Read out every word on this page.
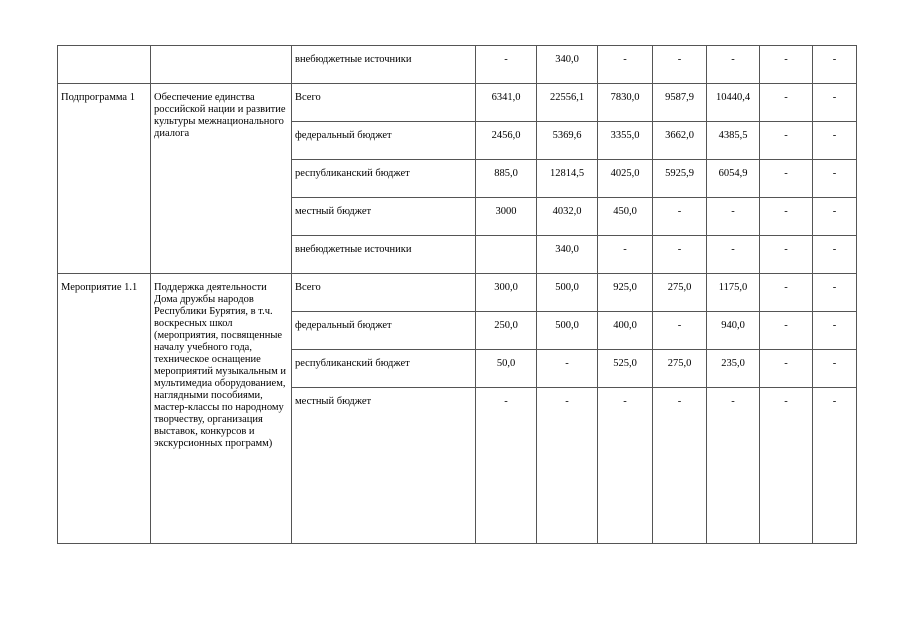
		внебюджетные источники	-	340,0	-	-	-	-	-
Подпрограмма 1	Обеспечение единства российской нации и развитие культуры межнационального диалога	Всего	6341,0	22556,1	7830,0	9587,9	10440,4	-	-
		федеральный бюджет	2456,0	5369,6	3355,0	3662,0	4385,5	-	-
		республиканский бюджет	885,0	12814,5	4025,0	5925,9	6054,9	-	-
		местный бюджет	3000	4032,0	450,0	-	-	-	-
		внебюджетные источники		340,0	-	-	-	-	-
Мероприятие 1.1	Поддержка деятельности Дома дружбы народов Республики Бурятия, в т.ч. воскресных школ (мероприятия, посвященные началу учебного года, техническое оснащение мероприятий музыкальным и мультимедиа оборудованием, наглядными пособиями, мастер-классы по народному творчеству, организация выставок, конкурсов и экскурсионных программ)	Всего	300,0	500,0	925,0	275,0	1175,0	-	-
		федеральный бюджет	250,0	500,0	400,0	-	940,0	-	-
		республиканский бюджет	50,0	-	525,0	275,0	235,0	-	-
		местный бюджет	-	-	-	-	-	-	-
